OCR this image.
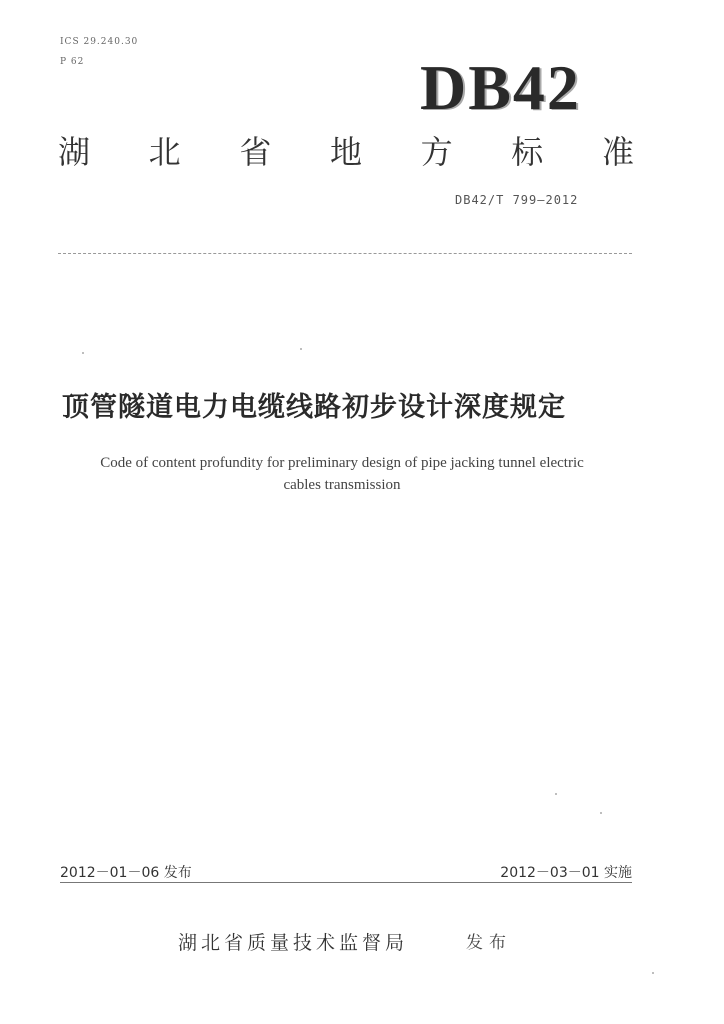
ICS 29.240.30
P 62	DB42
湖 北 省 地 方 标 准
DB42/T 799—2012
顶管隧道电力电缆线路初步设计深度规定
Code of content profundity for preliminary design of pipe jacking tunnel electric
cables transmission
2012－01－06 发布	2012－03－01 实施
湖北省质量技术监督局	发布
